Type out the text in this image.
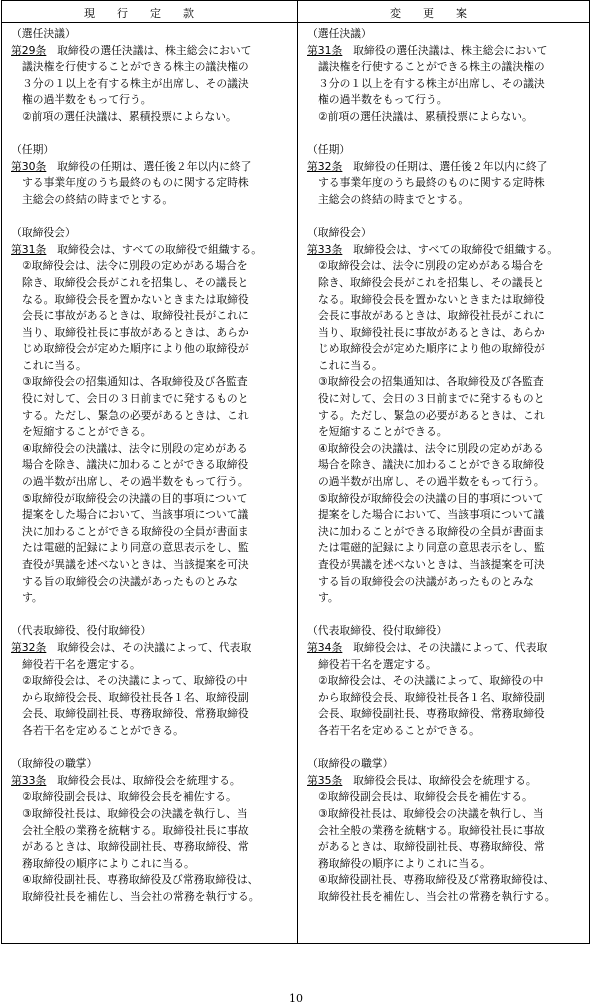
現　　行　　定　　款	変　　更　　案
（選任決議）
第29条　取締役の選任決議は、株主総会において
議決権を行使することができる株主の議決権の
３分の１以上を有する株主が出席し、その議決
権の過半数をもって行う。
②前項の選任決議は、累積投票によらない。
（任期）
第30条　取締役の任期は、選任後２年以内に終了
する事業年度のうち最終のものに関する定時株
主総会の終結の時までとする。
（取締役会）
第31条　取締役会は、すべての取締役で組織する。
②取締役会は、法令に別段の定めがある場合を
除き、取締役会長がこれを招集し、その議長と
なる。取締役会長を置かないときまたは取締役
会長に事故があるときは、取締役社長がこれに
当り、取締役社長に事故があるときは、あらか
じめ取締役会が定めた順序により他の取締役が
これに当る。
③取締役会の招集通知は、各取締役及び各監査
役に対して、会日の３日前までに発するものと
する。ただし、緊急の必要があるときは、これ
を短縮することができる。
④取締役会の決議は、法令に別段の定めがある
場合を除き、議決に加わることができる取締役
の過半数が出席し、その過半数をもって行う。
⑤取締役が取締役会の決議の目的事項について
提案をした場合において、当該事項について議
決に加わることができる取締役の全員が書面ま
たは電磁的記録により同意の意思表示をし、監
査役が異議を述べないときは、当該提案を可決
する旨の取締役会の決議があったものとみな
す。
（代表取締役、役付取締役）
第32条　取締役会は、その決議によって、代表取
締役若干名を選定する。
②取締役会は、その決議によって、取締役の中
から取締役会長、取締役社長各１名、取締役副
会長、取締役副社長、専務取締役、常務取締役
各若干名を定めることができる。
（取締役の職掌）
第33条　取締役会長は、取締役会を統理する。
②取締役副会長は、取締役会長を補佐する。
③取締役社長は、取締役会の決議を執行し、当
会社全般の業務を統轄する。取締役社長に事故
があるときは、取締役副社長、専務取締役、常
務取締役の順序によりこれに当る。
④取締役副社長、専務取締役及び常務取締役は、
取締役社長を補佐し、当会社の常務を執行する。
（選任決議）
第31条　取締役の選任決議は、株主総会において
議決権を行使することができる株主の議決権の
３分の１以上を有する株主が出席し、その議決
権の過半数をもって行う。
②前項の選任決議は、累積投票によらない。
（任期）
第32条　取締役の任期は、選任後２年以内に終了
する事業年度のうち最終のものに関する定時株
主総会の終結の時までとする。
（取締役会）
第33条　取締役会は、すべての取締役で組織する。
②取締役会は、法令に別段の定めがある場合を
除き、取締役会長がこれを招集し、その議長と
なる。取締役会長を置かないときまたは取締役
会長に事故があるときは、取締役社長がこれに
当り、取締役社長に事故があるときは、あらか
じめ取締役会が定めた順序により他の取締役が
これに当る。
③取締役会の招集通知は、各取締役及び各監査
役に対して、会日の３日前までに発するものと
する。ただし、緊急の必要があるときは、これ
を短縮することができる。
④取締役会の決議は、法令に別段の定めがある
場合を除き、議決に加わることができる取締役
の過半数が出席し、その過半数をもって行う。
⑤取締役が取締役会の決議の目的事項について
提案をした場合において、当該事項について議
決に加わることができる取締役の全員が書面ま
たは電磁的記録により同意の意思表示をし、監
査役が異議を述べないときは、当該提案を可決
する旨の取締役会の決議があったものとみな
す。
（代表取締役、役付取締役）
第34条　取締役会は、その決議によって、代表取
締役若干名を選定する。
②取締役会は、その決議によって、取締役の中
から取締役会長、取締役社長各１名、取締役副
会長、取締役副社長、専務取締役、常務取締役
各若干名を定めることができる。
（取締役の職掌）
第35条　取締役会長は、取締役会を統理する。
②取締役副会長は、取締役会長を補佐する。
③取締役社長は、取締役会の決議を執行し、当
会社全般の業務を統轄する。取締役社長に事故
があるときは、取締役副社長、専務取締役、常
務取締役の順序によりこれに当る。
④取締役副社長、専務取締役及び常務取締役は、
取締役社長を補佐し、当会社の常務を執行する。
10
